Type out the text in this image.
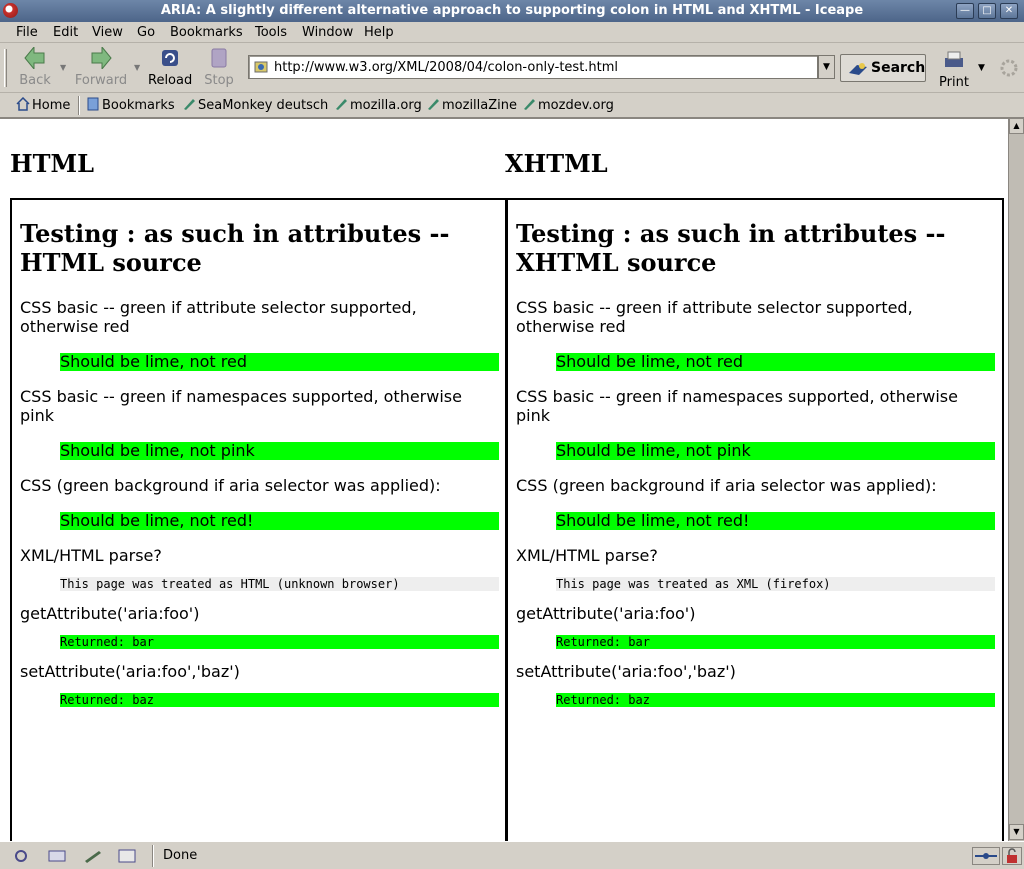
ARIA: A slightly different alternative approach to supporting colon in HTML and XHTML - Iceape	—	□	✕
File Edit View Go Bookmarks Tools Window Help
Back
▼
Forward
▼
Reload Stop
http://www.w3.org/XML/2008/04/colon-only-test.html
▼	Search
Print
▼
Home	Bookmarks	SeaMonkey deutsch	mozilla.org	mozillaZine	mozdev.org
HTML	XHTML
Testing : as such in attributes -- HTML source
CSS basic -- green if attribute selector supported, otherwise red
Should be lime, not red
CSS basic -- green if namespaces supported, otherwise pink
Should be lime, not pink
CSS (green background if aria selector was applied):
Should be lime, not red!
XML/HTML parse?
This page was treated as HTML (unknown browser)
getAttribute('aria:foo')
Returned: bar
setAttribute('aria:foo','baz')
Returned: baz
Testing : as such in attributes -- XHTML source
CSS basic -- green if attribute selector supported, otherwise red
Should be lime, not red
CSS basic -- green if namespaces supported, otherwise pink
Should be lime, not pink
CSS (green background if aria selector was applied):
Should be lime, not red!
XML/HTML parse?
This page was treated as XML (firefox)
getAttribute('aria:foo')
Returned: bar
setAttribute('aria:foo','baz')
Returned: baz
▲
▼
Done
